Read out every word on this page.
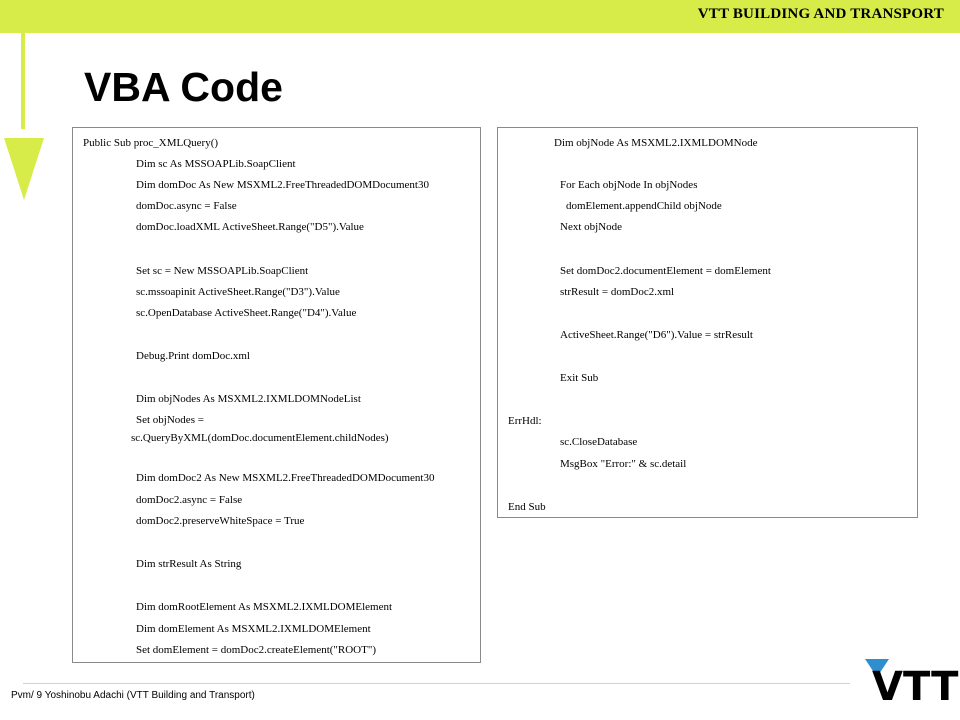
VTT BUILDING AND TRANSPORT
VBA Code

Public Sub proc_XMLQuery()

Dim sc As MSSOAPLib.SoapClient

Dim domDoc As New MSXML2.FreeThreadedDOMDocument30

domDoc.async = False

domDoc.loadXML ActiveSheet.Range("D5").Value

Set sc = New MSSOAPLib.SoapClient

sc.mssoapinit ActiveSheet.Range("D3").Value

sc.OpenDatabase ActiveSheet.Range("D4").Value

Debug.Print domDoc.xml

Dim objNodes As MSXML2.IXMLDOMNodeList

Set objNodes =

sc.QueryByXML(domDoc.documentElement.childNodes)

Dim domDoc2 As New MSXML2.FreeThreadedDOMDocument30

domDoc2.async = False

domDoc2.preserveWhiteSpace = True

Dim strResult As String

Dim domRootElement As MSXML2.IXMLDOMElement

Dim domElement As MSXML2.IXMLDOMElement

Set domElement = domDoc2.createElement("ROOT")

Dim objNode As MSXML2.IXMLDOMNode

For Each objNode In objNodes

domElement.appendChild objNode

Next objNode

Set domDoc2.documentElement = domElement

strResult = domDoc2.xml

ActiveSheet.Range("D6").Value = strResult

Exit Sub

ErrHdl:

sc.CloseDatabase

MsgBox "Error:" & sc.detail

End Sub

Pvm/ 9 Yoshinobu Adachi (VTT Building and Transport)	VTT
